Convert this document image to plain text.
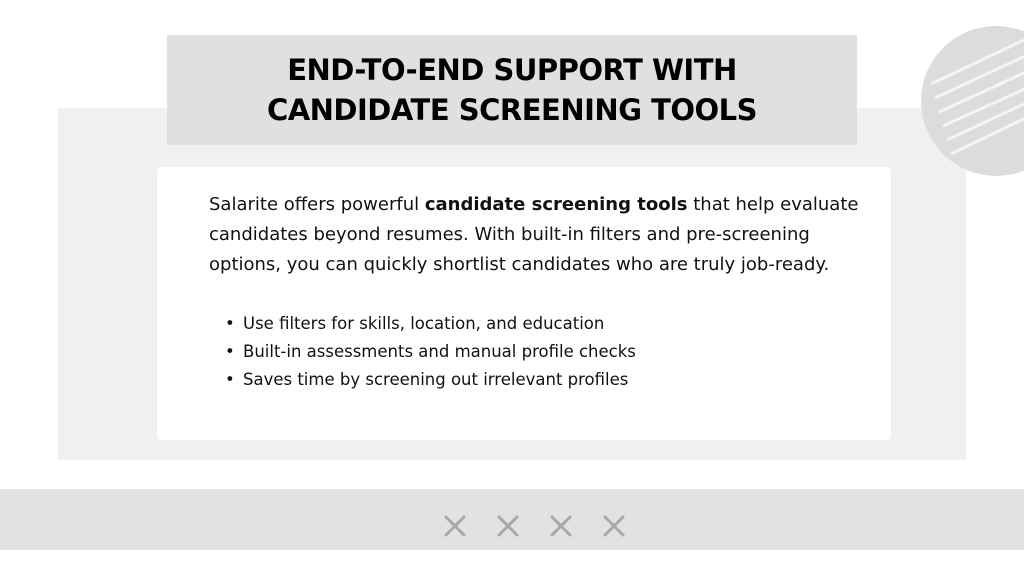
END-TO-END SUPPORT WITH
CANDIDATE SCREENING TOOLS

Salarite offers powerful candidate screening tools that help evaluate candidates beyond resumes. With built-in filters and pre-screening options, you can quickly shortlist candidates who are truly job-ready.

• Use filters for skills, location, and education
• Built-in assessments and manual profile checks
• Saves time by screening out irrelevant profiles
